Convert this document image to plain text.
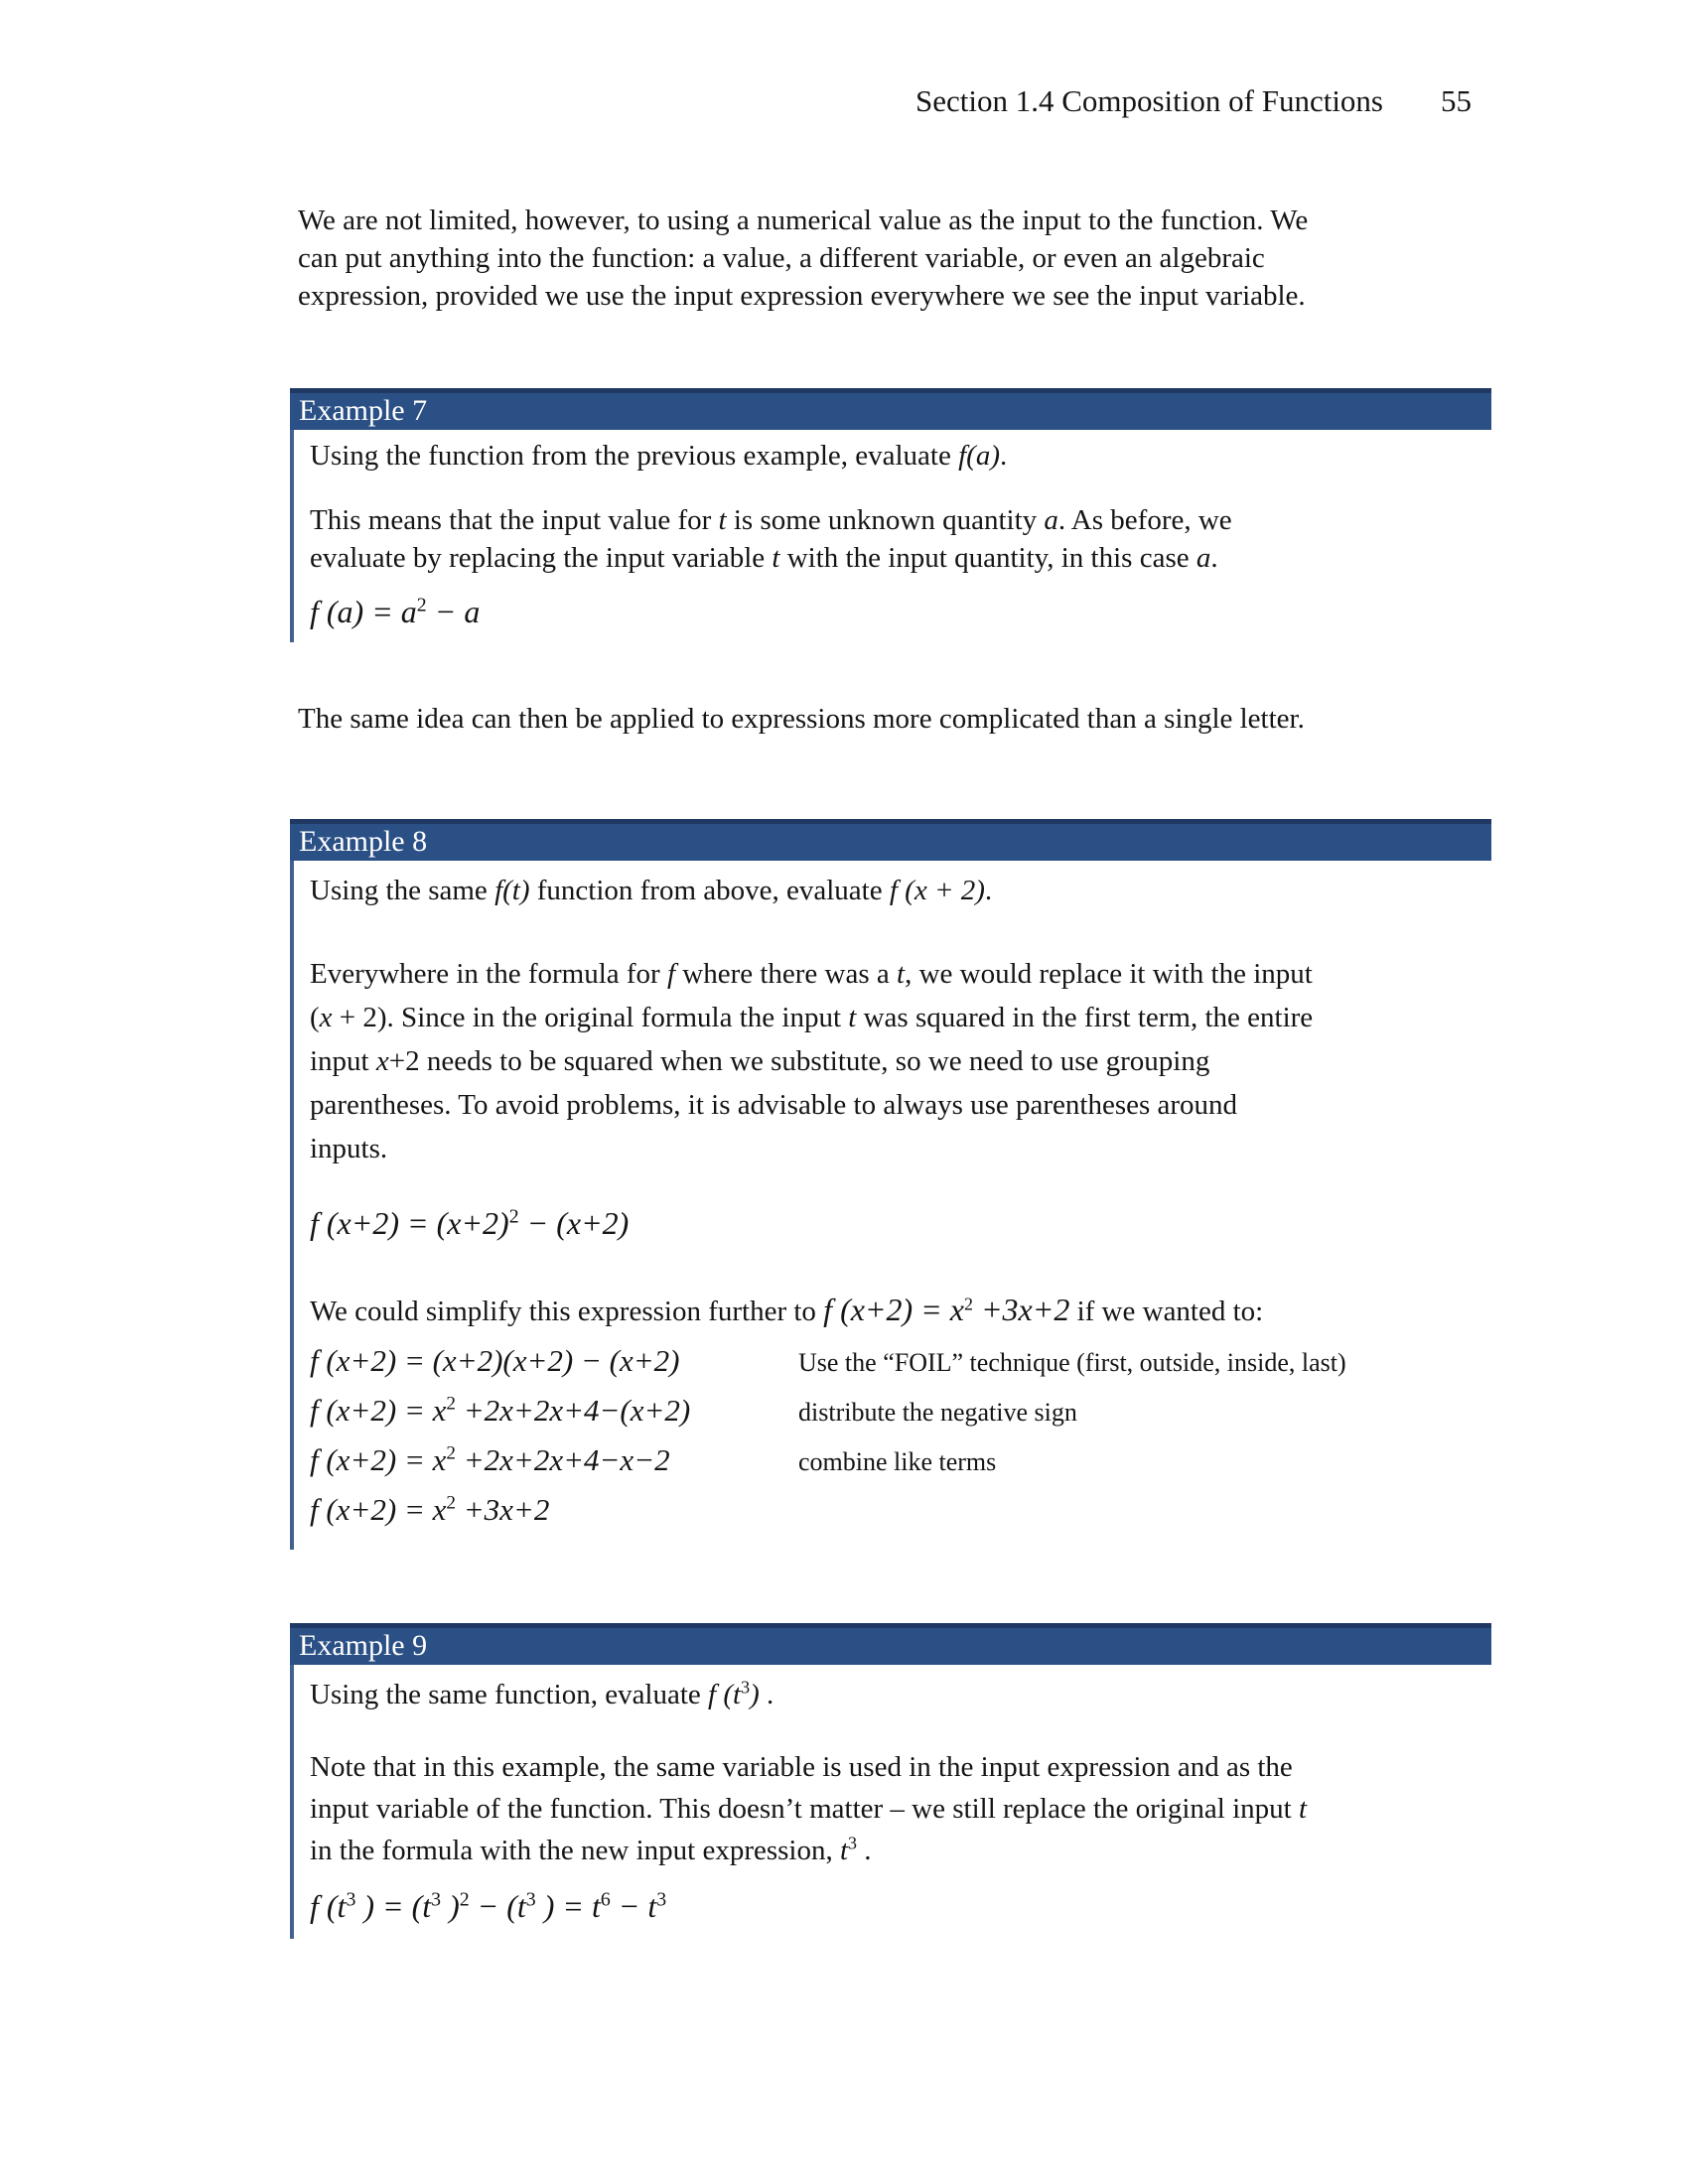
Section 1.4 Composition of Functions 55

We are not limited, however, to using a numerical value as the input to the function. We
can put anything into the function: a value, a different variable, or even an algebraic
expression, provided we use the input expression everywhere we see the input variable.

Example 7

Using the function from the previous example, evaluate f(a).

This means that the input value for t is some unknown quantity a. As before, we
evaluate by replacing the input variable t with the input quantity, in this case a.

f $(a) = a^2 - a$

The same idea can then be applied to expressions more complicated than a single letter.

Example 8

Using the same f(t) function from above, evaluate f (x + 2).

Everywhere in the formula for f where there was a t, we would replace it with the input
(x + 2). Since in the original formula the input t was squared in the first term, the entire
input x+2 needs to be squared when we substitute, so we need to use grouping
parentheses. To avoid problems, it is advisable to always use parentheses around
inputs.

f $(x+2) = (x+2)^2 - (x+2)$

We could simplify this expression further to f $(x+2) = x^2 +3x+2$ if we wanted to:

f (x+2) = (x+2)(x+2) − (x+2)	Use the “FOIL” technique (first, outside, inside, last)

f $(x+2) = x^2 +2x+2x+4-(x+2)$	distribute the negative sign

f $(x+2) = x^2 +2x+2x+4-x-2$	combine like terms

f $(x+2) = x^2 +3x+2$

Example 9

Using the same function, evaluate f $(t^3)$ .

Note that in this example, the same variable is used in the input expression and as the
input variable of the function. This doesn’t matter – we still replace the original input t
in the formula with the new input expression, $t^3$ .

f ($t^3$ ) = ($t^3$ )$^2 - (t^3$ ) = $t^6 - t^3$
